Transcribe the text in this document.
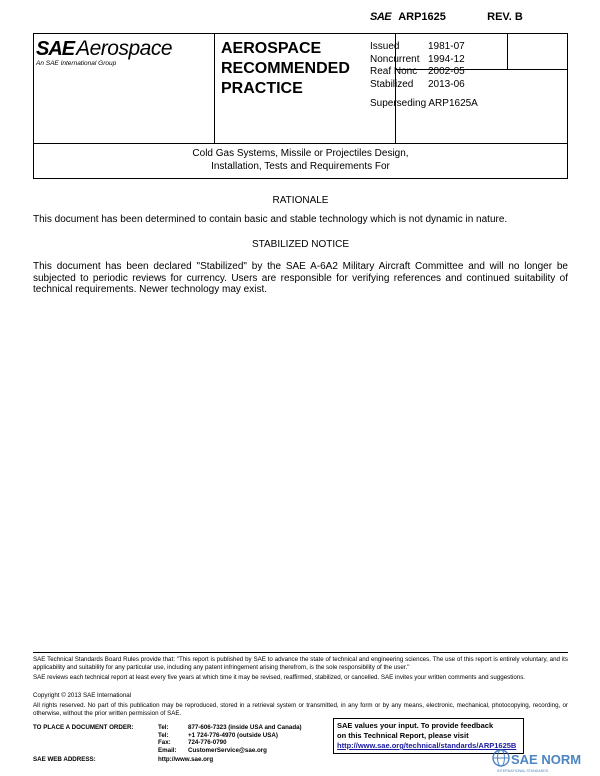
SAE Aerospace
An SAE International Group
AEROSPACE
RECOMMENDED
PRACTICE
SAE ARP1625	REV. B
Issued	1981-07
Noncurrent 1994-12
Reaf Nonc	2002-05
Stabilized	2013-06
Superseding ARP1625A
Cold Gas Systems, Missile or Projectiles Design,
Installation, Tests and Requirements For
RATIONALE
This document has been determined to contain basic and stable technology which is not dynamic in nature.
STABILIZED NOTICE
This document has been declared "Stabilized" by the SAE A-6A2 Military Aircraft Committee and will no longer be subjected to periodic reviews for currency. Users are responsible for verifying references and continued suitability of technical requirements. Newer technology may exist.
SAE Technical Standards Board Rules provide that: "This report is published by SAE to advance the state of technical and engineering sciences. The use of this report is entirely voluntary, and its applicability and suitability for any particular use, including any patent infringement arising therefrom, is the sole responsibility of the user."
SAE reviews each technical report at least every five years at which time it may be revised, reaffirmed, stabilized, or cancelled. SAE invites your written comments and suggestions.
Copyright © 2013 SAE International
All rights reserved. No part of this publication may be reproduced, stored in a retrieval system or transmitted, in any form or by any means, electronic, mechanical, photocopying, recording, or otherwise, without the prior written permission of SAE.
TO PLACE A DOCUMENT ORDER:	Tel:	877-606-7323 (inside USA and Canada)
Tel:	+1 724-776-4970 (outside USA)
Fax:	724-776-0790
Email:	CustomerService@sae.org
SAE WEB ADDRESS:	http://www.sae.org
SAE values your input. To provide feedback
on this Technical Report, please visit
http://www.sae.org/technical/standards/ARP1625B
SAE NORM
INTERNATIONAL STANDARDS
